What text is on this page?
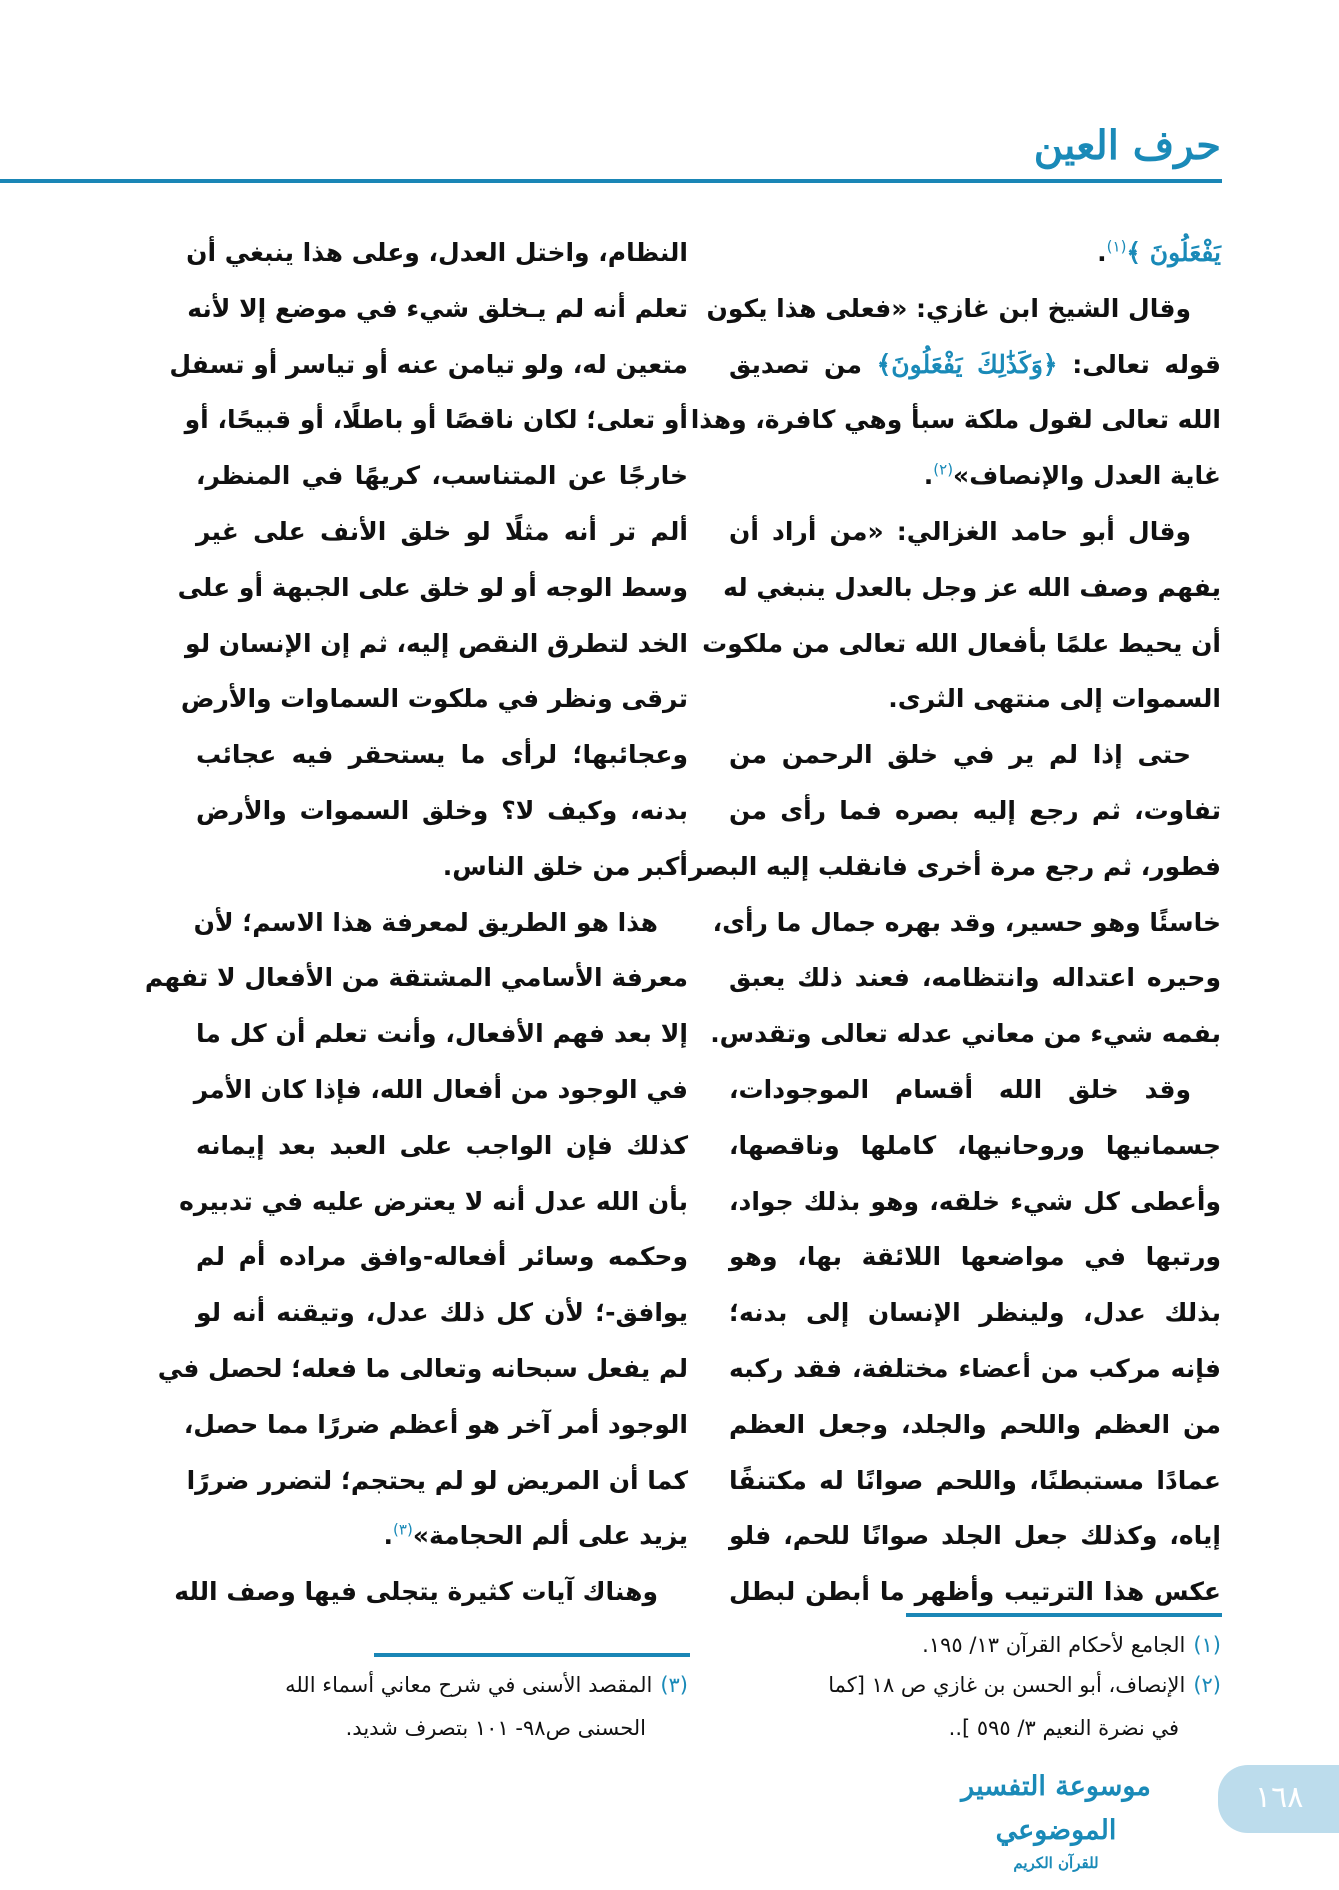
حرف العين
يَفْعَلُونَ ﴾$^{(١)}$.
وقال الشيخ ابن غازي: «فعلى هذا يكون
قوله تعالى: ﴿وَكَذَٰلِكَ يَفْعَلُونَ﴾ من تصديق
الله تعالى لقول ملكة سبأ وهي كافرة، وهذا
غاية العدل والإنصاف»$^{(٢)}$.
وقال أبو حامد الغزالي: «من أراد أن
يفهم وصف الله عز وجل بالعدل ينبغي له
أن يحيط علمًا بأفعال الله تعالى من ملكوت
السموات إلى منتهى الثرى.
حتى إذا لم ير في خلق الرحمن من
تفاوت، ثم رجع إليه بصره فما رأى من
فطور، ثم رجع مرة أخرى فانقلب إليه البصر
خاسئًا وهو حسير، وقد بهره جمال ما رأى،
وحيره اعتداله وانتظامه، فعند ذلك يعبق
بفمه شيء من معاني عدله تعالى وتقدس.
وقد خلق الله أقسام الموجودات،
جسمانيها وروحانيها، كاملها وناقصها،
وأعطى كل شيء خلقه، وهو بذلك جواد،
ورتبها في مواضعها اللائقة بها، وهو
بذلك عدل، ولينظر الإنسان إلى بدنه؛
فإنه مركب من أعضاء مختلفة، فقد ركبه
من العظم واللحم والجلد، وجعل العظم
عمادًا مستبطنًا، واللحم صوانًا له مكتنفًا
إياه، وكذلك جعل الجلد صوانًا للحم، فلو
عكس هذا الترتيب وأظهر ما أبطن لبطل
النظام، واختل العدل، وعلى هذا ينبغي أن
تعلم أنه لم يـخلق شيء في موضع إلا لأنه
متعين له، ولو تيامن عنه أو تياسر أو تسفل
أو تعلى؛ لكان ناقصًا أو باطلًا، أو قبيحًا، أو
خارجًا عن المتناسب، كريهًا في المنظر،
ألم تر أنه مثلًا لو خلق الأنف على غير
وسط الوجه أو لو خلق على الجبهة أو على
الخد لتطرق النقص إليه، ثم إن الإنسان لو
ترقى ونظر في ملكوت السماوات والأرض
وعجائبها؛ لرأى ما يستحقر فيه عجائب
بدنه، وكيف لا؟ وخلق السموات والأرض
أكبر من خلق الناس.
هذا هو الطريق لمعرفة هذا الاسم؛ لأن
معرفة الأسامي المشتقة من الأفعال لا تفهم
إلا بعد فهم الأفعال، وأنت تعلم أن كل ما
في الوجود من أفعال الله، فإذا كان الأمر
كذلك فإن الواجب على العبد بعد إيمانه
بأن الله عدل أنه لا يعترض عليه في تدبيره
وحكمه وسائر أفعاله-وافق مراده أم لم
يوافق-؛ لأن كل ذلك عدل، وتيقنه أنه لو
لم يفعل سبحانه وتعالى ما فعله؛ لحصل في
الوجود أمر آخر هو أعظم ضررًا مما حصل،
كما أن المريض لو لم يحتجم؛ لتضرر ضررًا
يزيد على ألم الحجامة»$^{(٣)}$.
وهناك آيات كثيرة يتجلى فيها وصف الله
(١)الجامع لأحكام القرآن ١٣/ ١٩٥.
(٢)الإنصاف، أبو الحسن بن غازي ص ١٨ [كما
في نضرة النعيم ٣/ ٥٩٥ ]..
(٣)المقصد الأسنى في شرح معاني أسماء الله
الحسنى ص٩٨- ١٠١ بتصرف شديد.
١٦٨
موسوعة التفسير الموضوعي
للقرآن الكريم
